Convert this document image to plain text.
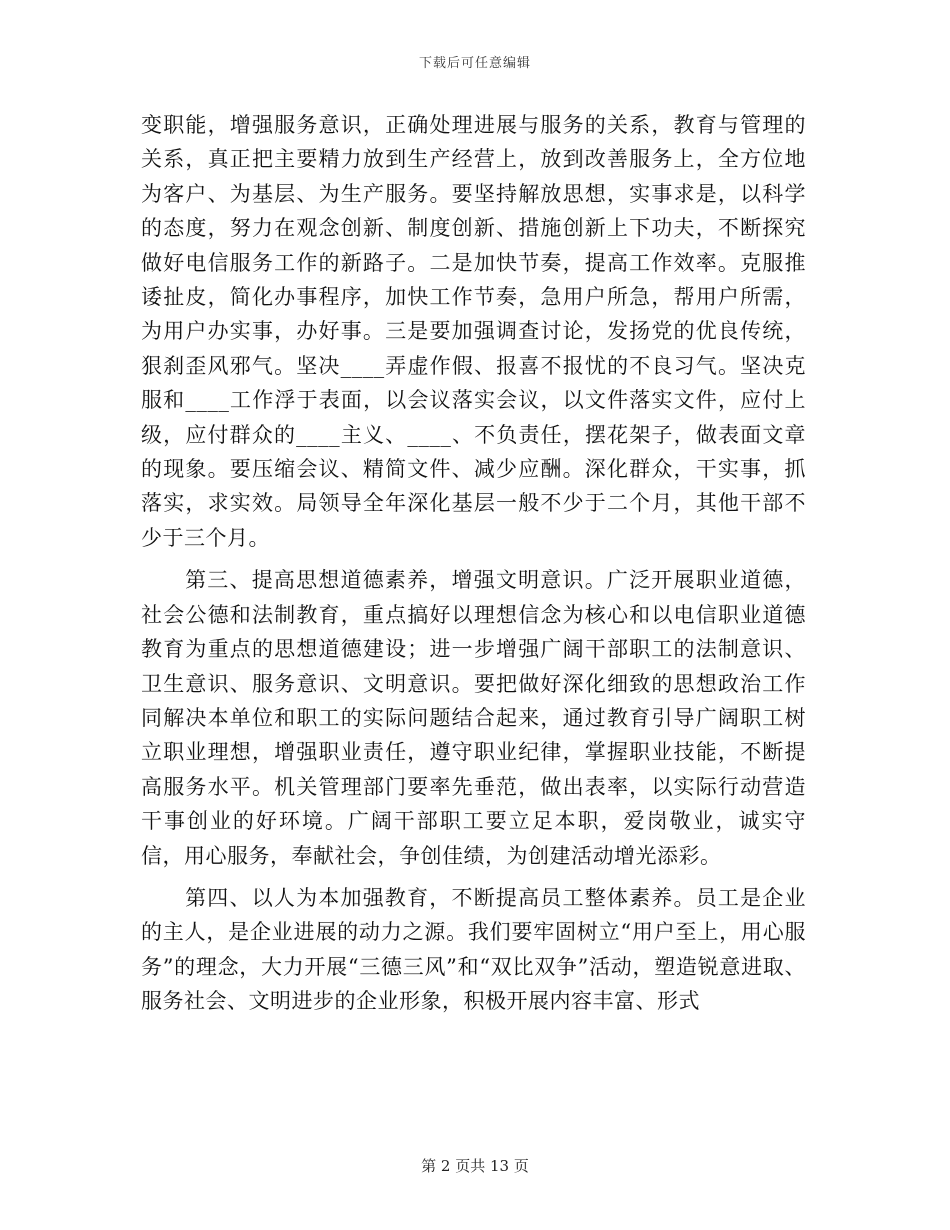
下载后可任意编辑

变职能，增强服务意识，正确处理进展与服务的关系，教育与管理的关系，真正把主要精力放到生产经营上，放到改善服务上，全方位地为客户、为基层、为生产服务。要坚持解放思想，实事求是，以科学的态度，努力在观念创新、制度创新、措施创新上下功夫，不断探究做好电信服务工作的新路子。二是加快节奏，提高工作效率。克服推诿扯皮，简化办事程序，加快工作节奏，急用户所急，帮用户所需，为用户办实事，办好事。三是要加强调查讨论，发扬党的优良传统，狠刹歪风邪气。坚决____弄虚作假、报喜不报忧的不良习气。坚决克服和____工作浮于表面，以会议落实会议，以文件落实文件，应付上级，应付群众的____主义、____、不负责任，摆花架子，做表面文章的现象。要压缩会议、精简文件、减少应酬。深化群众，干实事，抓落实，求实效。局领导全年深化基层一般不少于二个月，其他干部不少于三个月。

第三、提高思想道德素养，增强文明意识。广泛开展职业道德，社会公德和法制教育，重点搞好以理想信念为核心和以电信职业道德教育为重点的思想道德建设；进一步增强广阔干部职工的法制意识、卫生意识、服务意识、文明意识。要把做好深化细致的思想政治工作同解决本单位和职工的实际问题结合起来，通过教育引导广阔职工树立职业理想，增强职业责任，遵守职业纪律，掌握职业技能，不断提高服务水平。机关管理部门要率先垂范，做出表率，以实际行动营造干事创业的好环境。广阔干部职工要立足本职，爱岗敬业，诚实守信，用心服务，奉献社会，争创佳绩，为创建活动增光添彩。

第四、以人为本加强教育，不断提高员工整体素养。员工是企业的主人，是企业进展的动力之源。我们要牢固树立“用户至上，用心服务”的理念，大力开展“三德三风”和“双比双争”活动，塑造锐意进取、服务社会、文明进步的企业形象，积极开展内容丰富、形式

第 2 页共 13 页
